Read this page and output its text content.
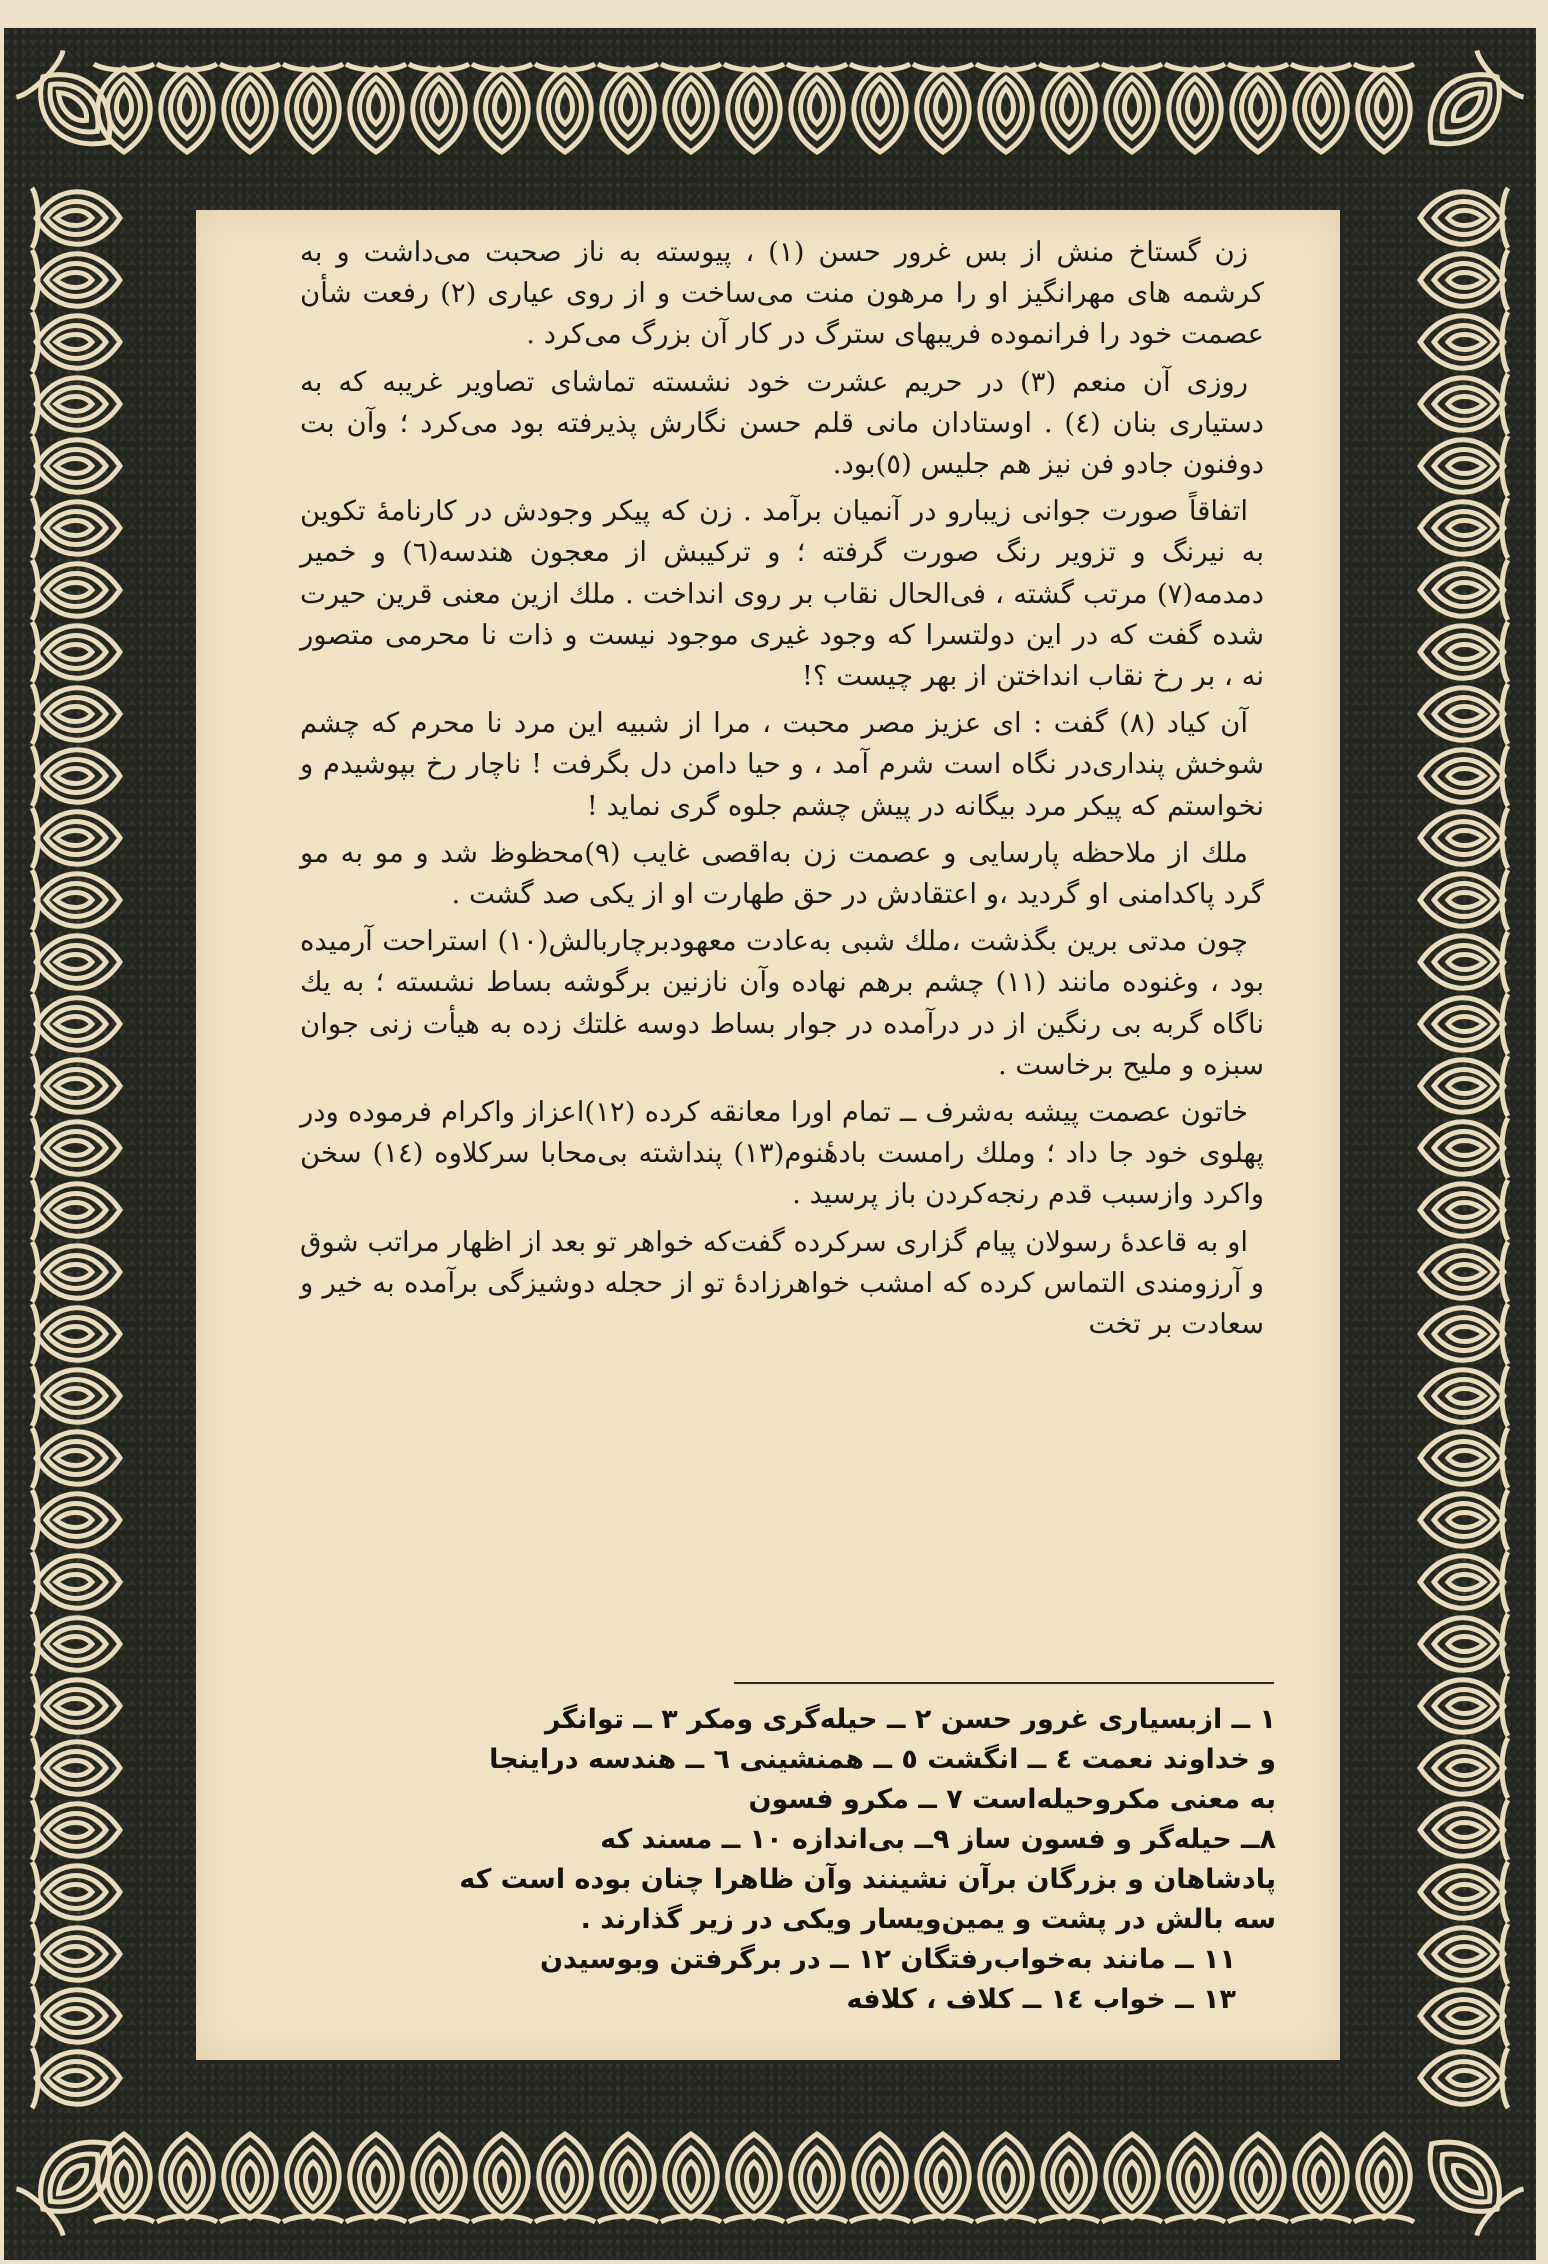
زن گستاخ منش از بس غرور حسن (۱) ، پیوسته به ناز صحبت می‌داشت و به کرشمه های مهرانگیز او را مرهون منت می‌ساخت و از روی عیاری (۲) رفعت شأن عصمت خود را فرانموده فریبهای سترگ در کار آن بزرگ می‌کرد .

روزی آن منعم (۳) در حریم عشرت خود نشسته تماشای تصاویر غریبه که به دستیاری بنان (٤) . اوستادان مانی قلم حسن نگارش پذیرفته بود می‌کرد ؛ وآن بت دوفنون جادو فن نیز هم جلیس (٥)بود.

اتفاقاً صورت جوانی زیبارو در آنمیان برآمد . زن که پیکر وجودش در کارنامهٔ تکوین به نیرنگ و تزویر رنگ صورت گرفته ؛ و ترکیبش از معجون هندسه(٦) و خمیر دمدمه(۷) مرتب گشته ، فی‌الحال نقاب بر روی انداخت . ملك ازین معنی قرین حیرت شده گفت که در این دولتسرا که وجود غیری موجود نیست و ذات نا محرمی متصور نه ، بر رخ نقاب انداختن از بهر چیست ؟!

آن کیاد (۸) گفت : ای عزیز مصر محبت ، مرا از شبیه این مرد نا محرم که چشم شوخش پنداری‌در نگاه است شرم آمد ، و حیا دامن دل بگرفت ! ناچار رخ بپوشیدم و نخواستم که پیکر مرد بیگانه در پیش چشم جلوه گری نماید !

ملك از ملاحظه پارسایی و عصمت زن به‌اقصی غایب (۹)محظوظ شد و مو به مو گرد پاکدامنی او گردید ،و اعتقادش در حق طهارت او از یکی صد گشت .

چون مدتی برین بگذشت ،ملك شبی به‌عادت معهودبرچاربالش(۱۰) استراحت آرمیده بود ، وغنوده مانند (۱۱) چشم برهم نهاده وآن نازنین برگوشه بساط نشسته ؛ به یك ناگاه گربه بی رنگین از در درآمده در جوار بساط دوسه غلتك زده به هیأت زنی جوان سبزه و ملیح برخاست .

خاتون عصمت پیشه به‌شرف ــ تمام اورا معانقه کرده (۱۲)اعزاز واکرام فرموده ودر پهلوی خود جا داد ؛ وملك رامست بادهٔنوم(۱۳) پنداشته بی‌محابا سرکلاوه (۱٤) سخن واکرد وازسبب قدم رنجه‌کردن باز پرسید .

او به قاعدهٔ رسولان پیام گزاری سرکرده گفت‌که خواهر تو بعد از اظهار مراتب شوق و آرزومندی التماس کرده که امشب خواهرزادهٔ تو از حجله دوشیزگی برآمده به خیر و سعادت بر تخت

۱ ــ ازبسیاری غرور حسن ۲ ــ حیله‌گری ومکر ۳ ــ توانگر
و خداوند نعمت ٤ ــ انگشت ٥ ــ همنشینی ٦ ــ هندسه دراینجا
به معنی مکروحیله‌است ۷ ــ مکرو فسون
۸ــ حیله‌گر و فسون ساز ۹ــ بی‌اندازه ۱۰ ــ مسند که
پادشاهان و بزرگان برآن نشینند وآن ظاهرا چنان بوده است که
سه بالش در پشت و یمین‌ویسار ویکی در زیر گذارند .
۱۱ ــ مانند به‌خواب‌رفتگان ۱۲ ــ در برگرفتن وبوسیدن
۱۳ ــ خواب ۱٤ ــ کلاف ، کلافه
